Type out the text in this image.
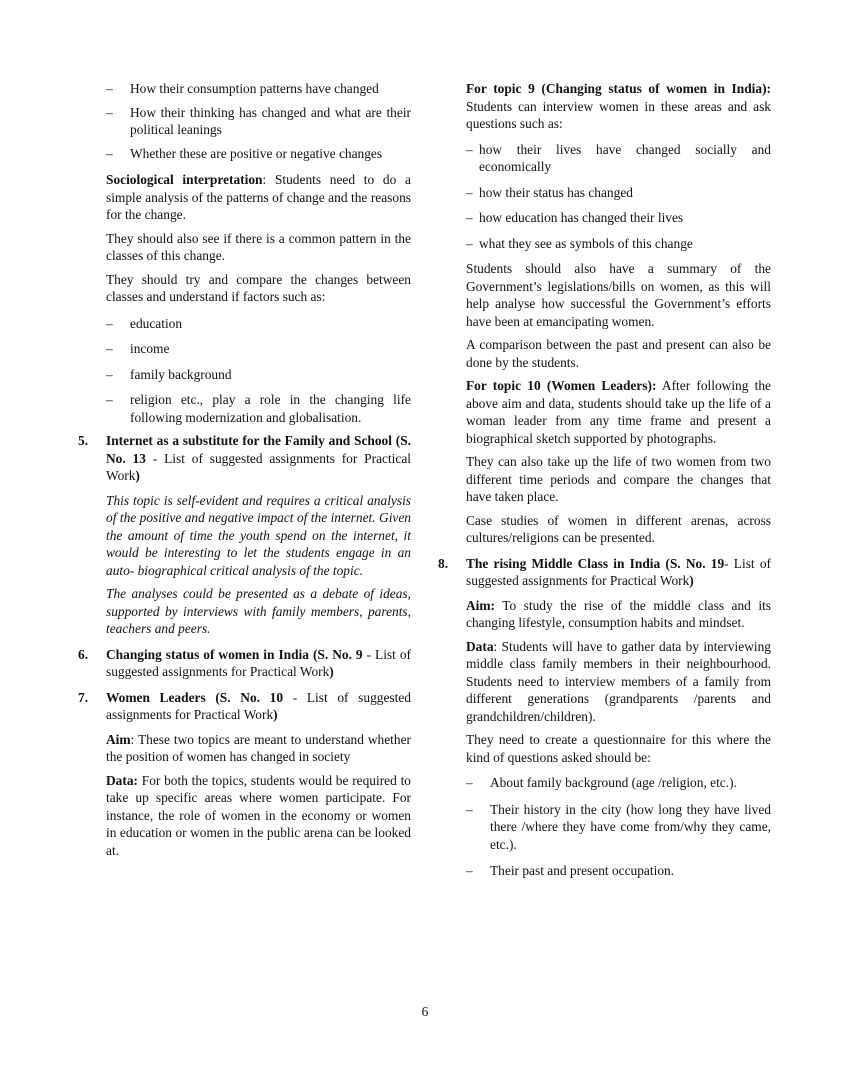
– How their consumption patterns have changed
– How their thinking has changed and what are their political leanings
– Whether these are positive or negative changes

Sociological interpretation: Students need to do a simple analysis of the patterns of change and the reasons for the change.

They should also see if there is a common pattern in the classes of this change.

They should try and compare the changes between classes and understand if factors such as:

– education
– income
– family background
– religion etc., play a role in the changing life following modernization and globalisation.
5. Internet as a substitute for the Family and School (S. No. 13 - List of suggested assignments for Practical Work)

This topic is self-evident and requires a critical analysis of the positive and negative impact of the internet. Given the amount of time the youth spend on the internet, it would be interesting to let the students engage in an auto- biographical critical analysis of the topic.

The analyses could be presented as a debate of ideas, supported by interviews with family members, parents, teachers and peers.

6. Changing status of women in India (S. No. 9 - List of suggested assignments for Practical Work)
7. Women Leaders (S. No. 10 - List of suggested assignments for Practical Work)

Aim: These two topics are meant to understand whether the position of women has changed in society

Data: For both the topics, students would be required to take up specific areas where women participate. For instance, the role of women in the economy or women in education or women in the public arena can be looked at.

For topic 9 (Changing status of women in India): Students can interview women in these areas and ask questions such as:

– how their lives have changed socially and economically
– how their status has changed
– how education has changed their lives
– what they see as symbols of this change

Students should also have a summary of the Government’s legislations/bills on women, as this will help analyse how successful the Government’s efforts have been at emancipating women.

A comparison between the past and present can also be done by the students.

For topic 10 (Women Leaders): After following the above aim and data, students should take up the life of a woman leader from any time frame and present a biographical sketch supported by photographs.

They can also take up the life of two women from two different time periods and compare the changes that have taken place.

Case studies of women in different arenas, across cultures/religions can be presented.

8. The rising Middle Class in India (S. No. 19- List of suggested assignments for Practical Work)

Aim: To study the rise of the middle class and its changing lifestyle, consumption habits and mindset.

Data: Students will have to gather data by interviewing middle class family members in their neighbourhood. Students need to interview members of a family from different generations (grandparents /parents and grandchildren/children).

They need to create a questionnaire for this where the kind of questions asked should be:

– About family background (age /religion, etc.).
– Their history in the city (how long they have lived there /where they have come from/why they came, etc.).
– Their past and present occupation.
6
